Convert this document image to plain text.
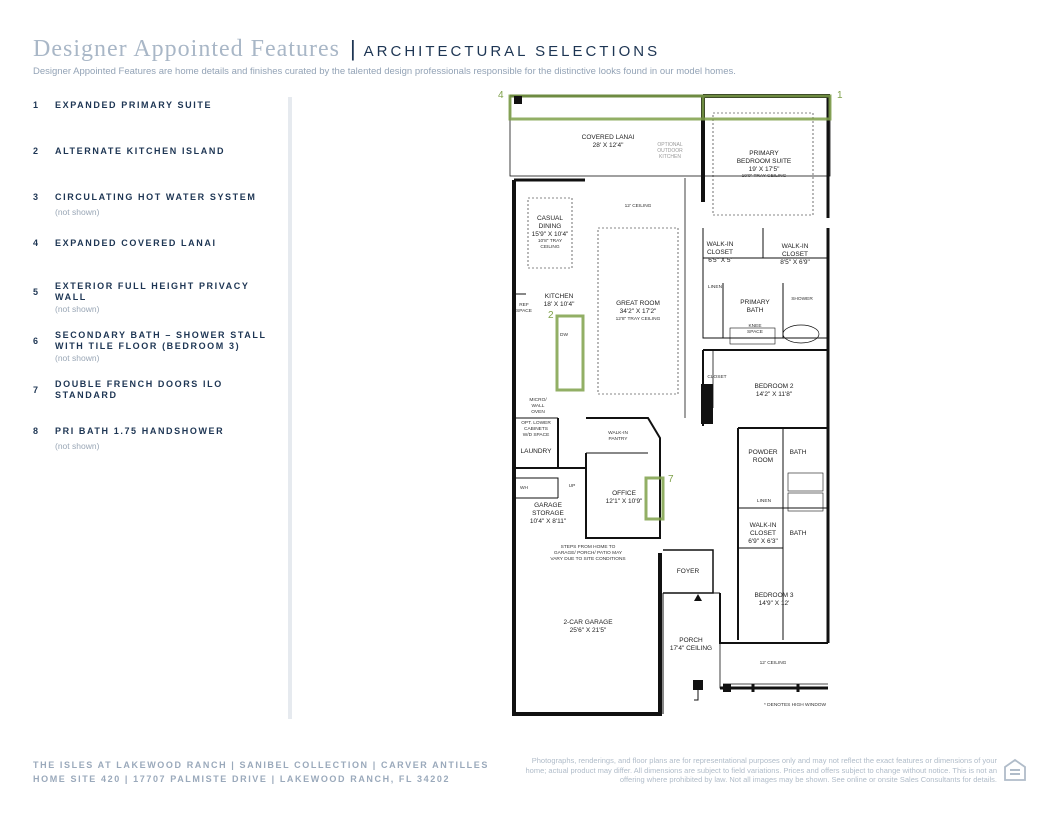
Designer Appointed Features | ARCHITECTURAL SELECTIONS
Designer Appointed Features are home details and finishes curated by the talented design professionals responsible for the distinctive looks found in our model homes.
1 EXPANDED PRIMARY SUITE
2 ALTERNATE KITCHEN ISLAND
3 CIRCULATING HOT WATER SYSTEM
(not shown)
4 EXPANDED COVERED LANAI
5
EXTERIOR FULL HEIGHT PRIVACY WALL
(not shown)
6
SECONDARY BATH – SHOWER STALL WITH TILE FLOOR (BEDROOM 3)
(not shown)
7
DOUBLE FRENCH DOORS ILO STANDARD
8 PRI BATH 1.75 HANDSHOWER
(not shown)
1
4
2
7
COVERED LANAI
28' X 12'4"	OPTIONAL
OUTDOOR
KITCHEN	PRIMARY
BEDROOM SUITE
19' X 17'5"
10'0" TRAY CEILING
12' CEILING
CASUAL
DINING
15'9" X 10'4"
10'8" TRAY
CEILING
KITCHEN
18' X 10'4"
REF
SPACE
DW
GREAT ROOM
34'2" X 17'2"
12'8" TRAY CEILING
MICRO/
WALL
OVEN
WALK-IN
CLOSET
6'5" X 5'
WALK-IN
CLOSET
8'5" X 6'9"
LINEN
PRIMARY
BATH
SHOWER
KNEE
SPACE
CLOSET
BEDROOM 2
14'2" X 11'8"
OPT. LOWER
CABINETS
W/D SPACE
LAUNDRY
WALK-IN
PANTRY
POWDER
ROOM
BATH
WH	UP
OFFICE
12'1" X 10'9"
GARAGE
STORAGE
10'4" X 8'11"
LINEN
WALK-IN
CLOSET
6'9" X 6'3"
BATH
STEPS FROM HOME TO
GARAGE/ PORCH/ PATIO MAY
VARY DUE TO SITE CONDITIONS
FOYER
BEDROOM 3
14'9" X 12'
2-CAR GARAGE
25'6" X 21'5"
PORCH
17'4" CEILING
12' CEILING
* DENOTES HIGH WINDOW
THE ISLES AT LAKEWOOD RANCH | SANIBEL COLLECTION | CARVER ANTILLES
HOME SITE 420 | 17707 PALMISTE DRIVE | LAKEWOOD RANCH, FL 34202
Photographs, renderings, and floor plans are for representational purposes only and may not reflect the exact features or dimensions of your home; actual product may differ. All dimensions are subject to field variations. Prices and offers subject to change without notice. This is not an offering where prohibited by law. Not all images may be shown. See online or onsite Sales Consultants for details.
